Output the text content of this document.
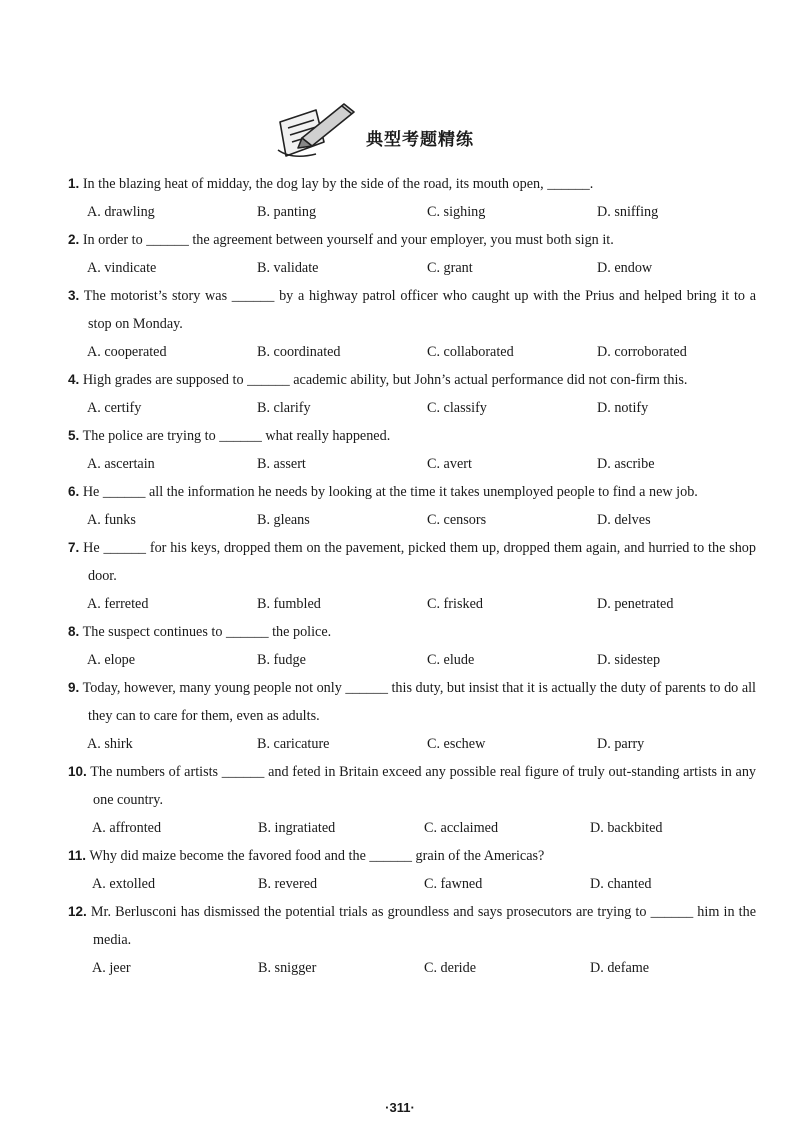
典型考题精练
1. In the blazing heat of midday, the dog lay by the side of the road, its mouth open, ______.
A. drawling	B. panting	C. sighing	D. sniffing
2. In order to ______ the agreement between yourself and your employer, you must both sign it.
A. vindicate	B. validate	C. grant	D. endow
3. The motorist’s story was ______ by a highway patrol officer who caught up with the Prius and helped bring it to a stop on Monday.
A. cooperated	B. coordinated	C. collaborated	D. corroborated
4. High grades are supposed to ______ academic ability, but John’s actual performance did not con-firm this.
A. certify	B. clarify	C. classify	D. notify
5. The police are trying to ______ what really happened.
A. ascertain	B. assert	C. avert	D. ascribe
6. He ______ all the information he needs by looking at the time it takes unemployed people to find a new job.
A. funks	B. gleans	C. censors	D. delves
7. He ______ for his keys, dropped them on the pavement, picked them up, dropped them again, and hurried to the shop door.
A. ferreted	B. fumbled	C. frisked	D. penetrated
8. The suspect continues to ______ the police.
A. elope	B. fudge	C. elude	D. sidestep
9. Today, however, many young people not only ______ this duty, but insist that it is actually the duty of parents to do all they can to care for them, even as adults.
A. shirk	B. caricature	C. eschew	D. parry
10. The numbers of artists ______ and feted in Britain exceed any possible real figure of truly out-standing artists in any one country.
A. affronted	B. ingratiated	C. acclaimed	D. backbited
11. Why did maize become the favored food and the ______ grain of the Americas?
A. extolled	B. revered	C. fawned	D. chanted
12. Mr. Berlusconi has dismissed the potential trials as groundless and says prosecutors are trying to ______ him in the media.
A. jeer	B. snigger	C. deride	D. defame
·311·
